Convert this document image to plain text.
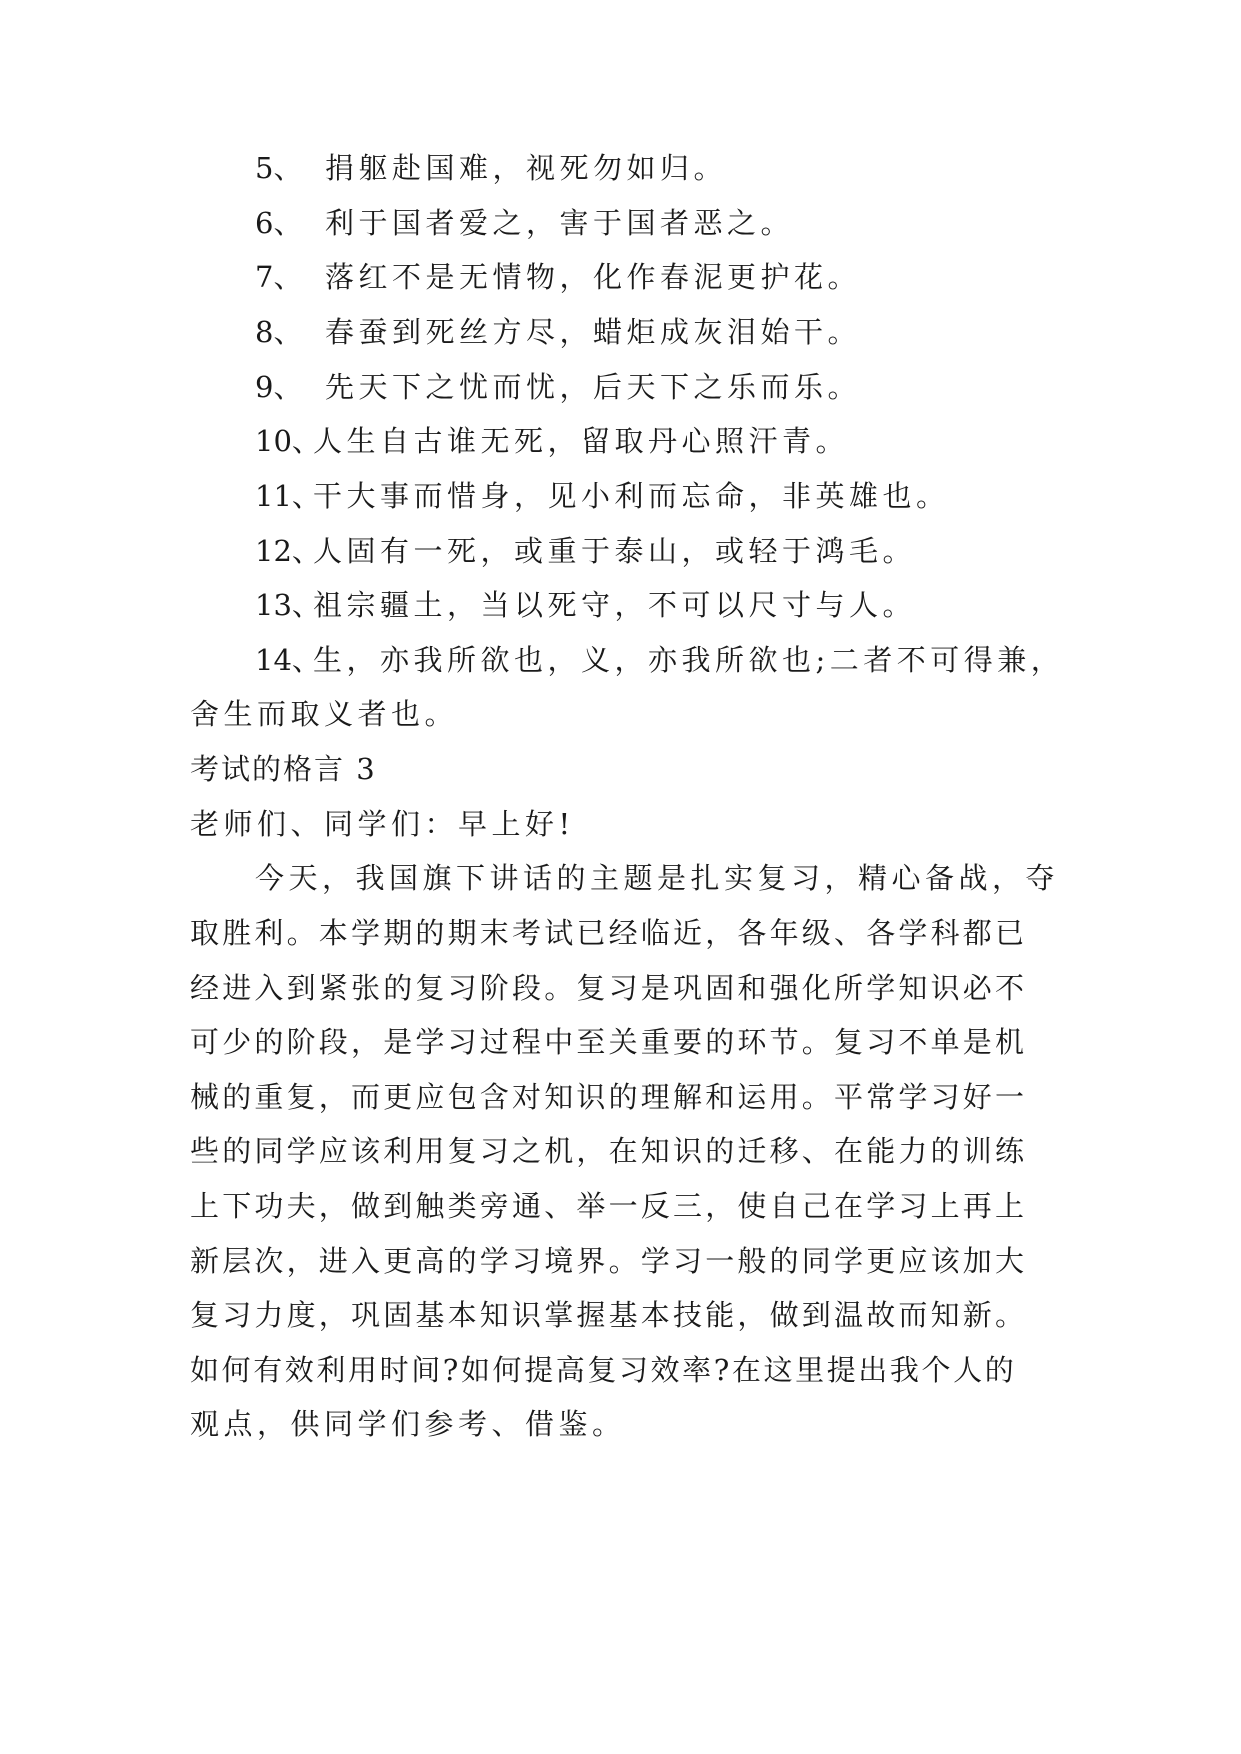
5、 捐躯赴国难，视死勿如归。
6、 利于国者爱之，害于国者恶之。
7、 落红不是无情物，化作春泥更护花。
8、 春蚕到死丝方尽，蜡炬成灰泪始干。
9、 先天下之忧而忧，后天下之乐而乐。
10、人生自古谁无死，留取丹心照汗青。
11、干大事而惜身，见小利而忘命，非英雄也。
12、人固有一死，或重于泰山，或轻于鸿毛。
13、祖宗疆土，当以死守，不可以尺寸与人。
14、生，亦我所欲也，义，亦我所欲也;二者不可得兼，
舍生而取义者也。
考试的格言 3
老师们、同学们：早上好!
今天，我国旗下讲话的主题是扎实复习，精心备战，夺
取胜利。本学期的期末考试已经临近，各年级、各学科都已
经进入到紧张的复习阶段。复习是巩固和强化所学知识必不
可少的阶段，是学习过程中至关重要的环节。复习不单是机
械的重复，而更应包含对知识的理解和运用。平常学习好一
些的同学应该利用复习之机，在知识的迁移、在能力的训练
上下功夫，做到触类旁通、举一反三，使自己在学习上再上
新层次，进入更高的学习境界。学习一般的同学更应该加大
复习力度，巩固基本知识掌握基本技能，做到温故而知新。
如何有效利用时间?如何提高复习效率?在这里提出我个人的
观点，供同学们参考、借鉴。
